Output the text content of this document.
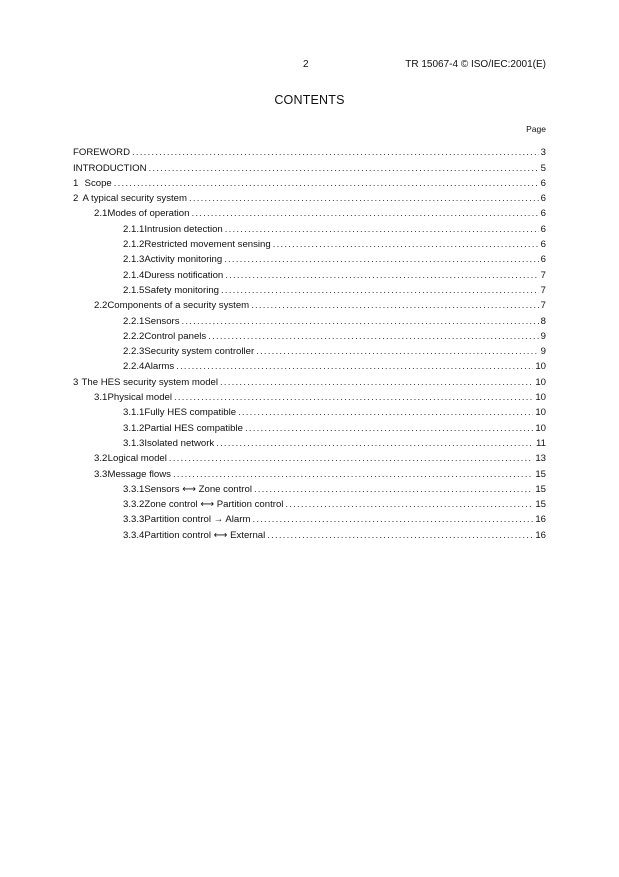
2	TR 15067-4 © ISO/IEC:2001(E)
CONTENTS
Page
FOREWORD .....	3
INTRODUCTION .....	5
1 Scope .....	6
2 A typical security system .....	6
2.1 Modes of operation .....	6
2.1.1 Intrusion detection .....	6
2.1.2 Restricted movement sensing .....	6
2.1.3 Activity monitoring .....	6
2.1.4 Duress notification .....	7
2.1.5 Safety monitoring .....	7
2.2 Components of a security system .....	7
2.2.1 Sensors .....	8
2.2.2 Control panels .....	9
2.2.3 Security system controller .....	9
2.2.4 Alarms .....	10
3 The HES security system model .....	10
3.1 Physical model .....	10
3.1.1 Fully HES compatible .....	10
3.1.2 Partial HES compatible .....	10
3.1.3 Isolated network .....	11
3.2 Logical model .....	13
3.3 Message flows .....	15
3.3.1 Sensors ⟷ Zone control .....	15
3.3.2 Zone control ⟷ Partition control .....	15
3.3.3 Partition control → Alarm .....	16
3.3.4 Partition control ⟷ External .....	16
